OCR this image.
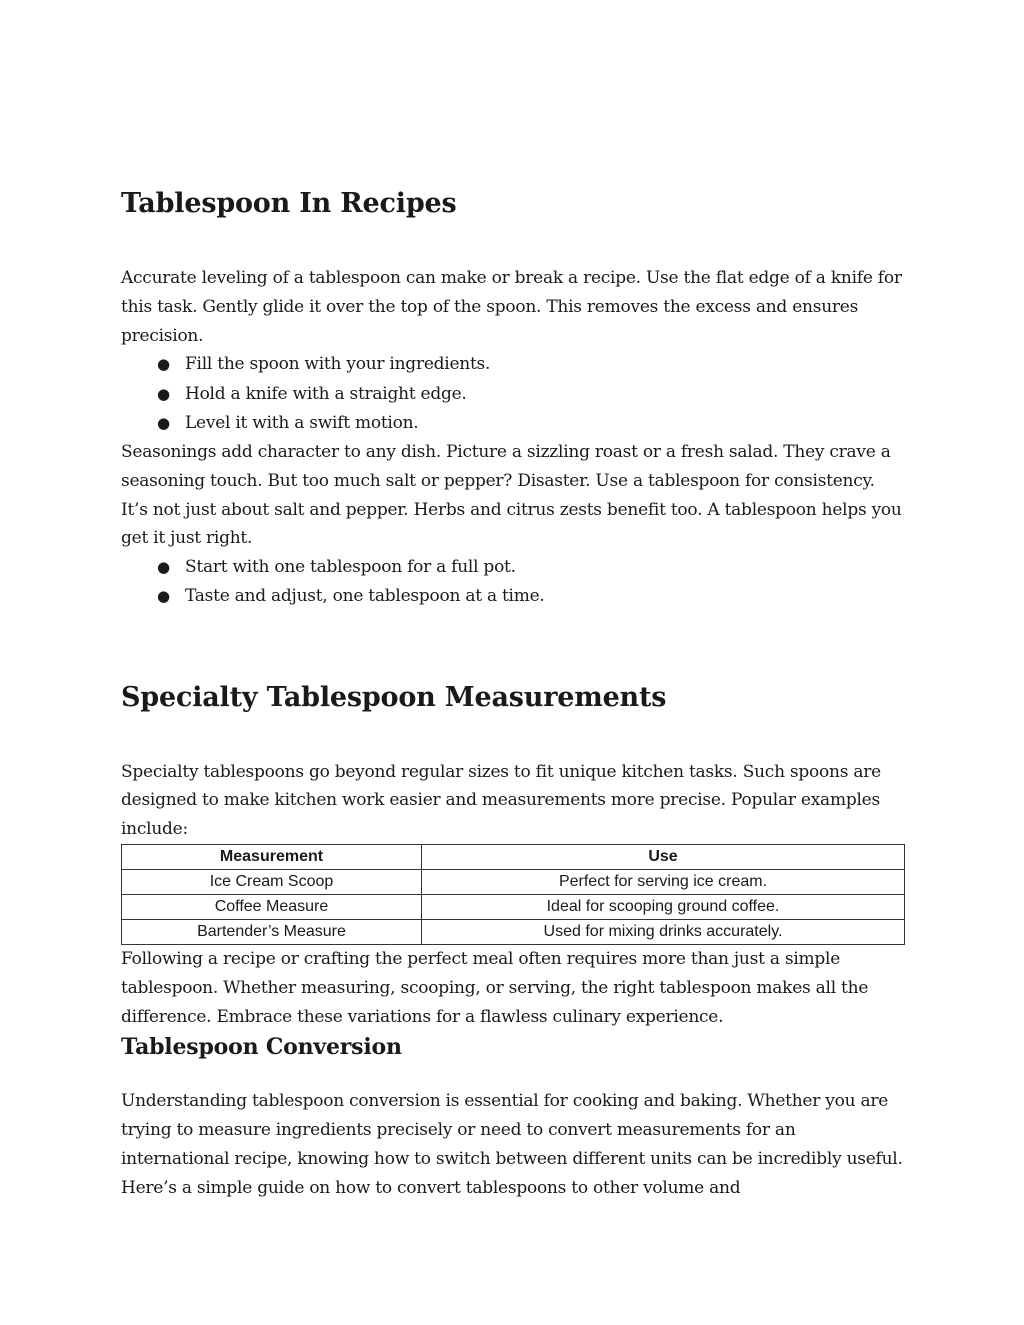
Tablespoon In Recipes

Accurate leveling of a tablespoon can make or break a recipe. Use the flat edge of a knife for this task. Gently glide it over the top of the spoon. This removes the excess and ensures precision.

● Fill the spoon with your ingredients.
● Hold a knife with a straight edge.
● Level it with a swift motion.

Seasonings add character to any dish. Picture a sizzling roast or a fresh salad. They crave a seasoning touch. But too much salt or pepper? Disaster. Use a tablespoon for consistency. It’s not just about salt and pepper. Herbs and citrus zests benefit too. A tablespoon helps you get it just right.

● Start with one tablespoon for a full pot.
● Taste and adjust, one tablespoon at a time.
Specialty Tablespoon Measurements

Specialty tablespoons go beyond regular sizes to fit unique kitchen tasks. Such spoons are designed to make kitchen work easier and measurements more precise. Popular examples include:

Measurement	Use
Ice Cream Scoop	Perfect for serving ice cream.
Coffee Measure	Ideal for scooping ground coffee.
Bartender’s Measure	Used for mixing drinks accurately.

Following a recipe or crafting the perfect meal often requires more than just a simple tablespoon. Whether measuring, scooping, or serving, the right tablespoon makes all the difference. Embrace these variations for a flawless culinary experience.

Tablespoon Conversion

Understanding tablespoon conversion is essential for cooking and baking. Whether you are trying to measure ingredients precisely or need to convert measurements for an international recipe, knowing how to switch between different units can be incredibly useful. Here’s a simple guide on how to convert tablespoons to other volume and
